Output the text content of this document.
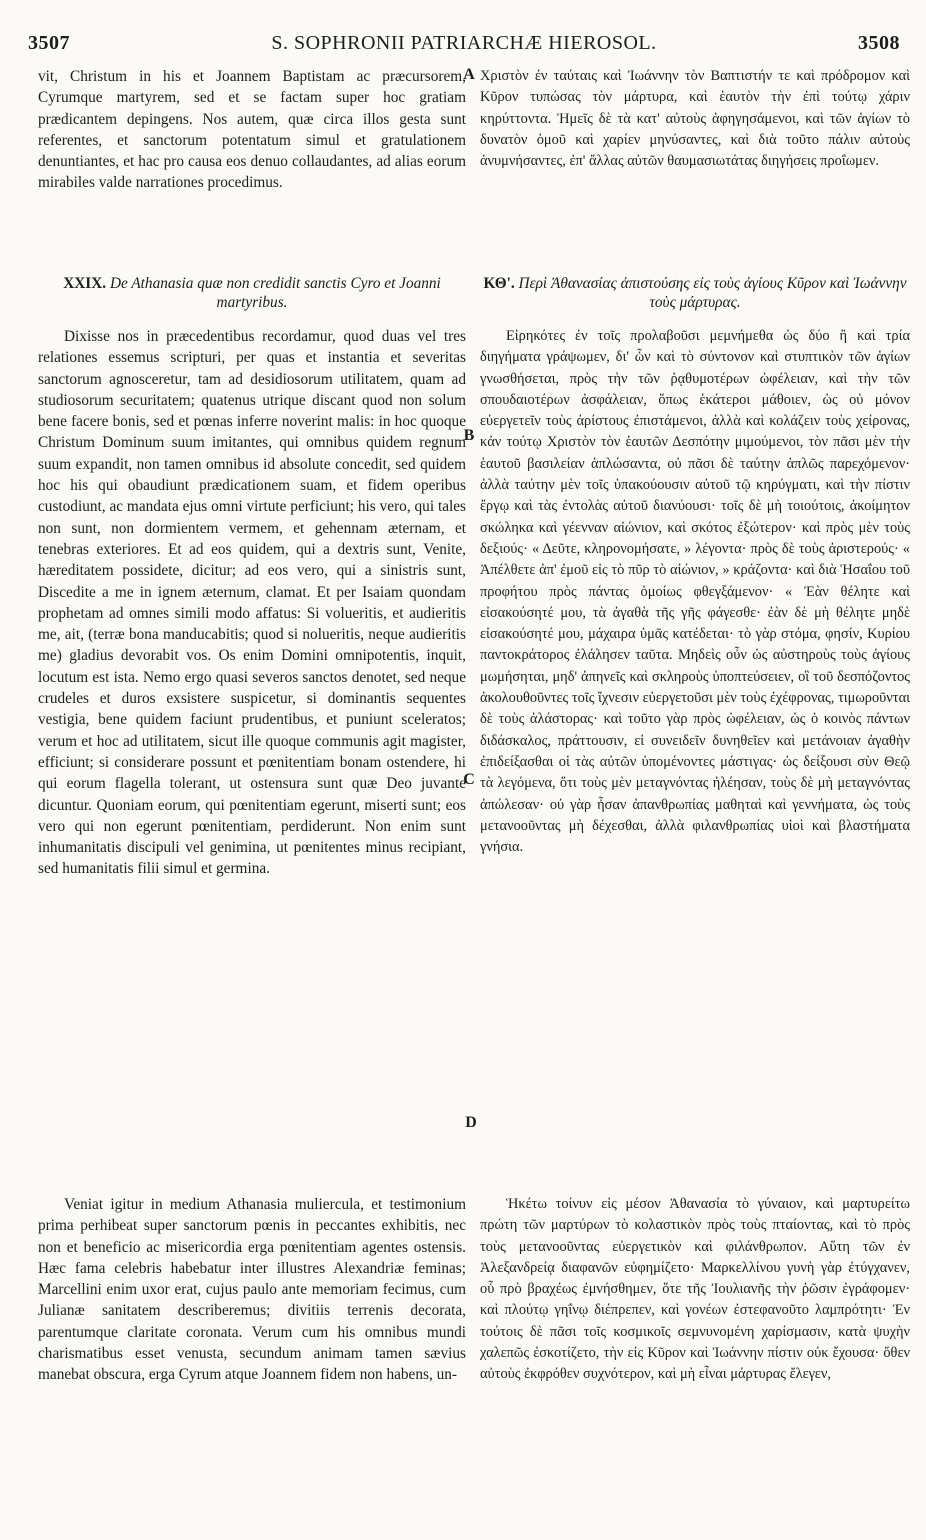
3507	S. SOPHRONII PATRIARCHÆ HIEROSOL.	3508
A
B
C
D

vit, Christum in his et Joannem Baptistam ac præcursorem, Cyrumque martyrem, sed et se factam super hoc gratiam prædicantem depingens. Nos autem, quæ circa illos gesta sunt referentes, et sanctorum potentatum simul et gratulationem denuntiantes, et hac pro causa eos denuo collaudantes, ad alias eorum mirabiles valde narrationes procedimus.

XXIX. De Athanasia quæ non credidit sanctis Cyro et Joanni martyribus.

Dixisse nos in præcedentibus recordamur, quod duas vel tres relationes essemus scripturi, per quas et instantia et severitas sanctorum agnosceretur, tam ad desidiosorum utilitatem, quam ad studiosorum securitatem; quatenus utrique discant quod non solum bene facere bonis, sed et pœnas inferre noverint malis: in hoc quoque Christum Dominum suum imitantes, qui omnibus quidem regnum suum expandit, non tamen omnibus id absolute concedit, sed quidem hoc his qui obaudiunt prædicationem suam, et fidem operibus custodiunt, ac mandata ejus omni virtute perficiunt; his vero, qui tales non sunt, non dormientem vermem, et gehennam æternam, et tenebras exteriores. Et ad eos quidem, qui a dextris sunt, Venite, hæreditatem possidete, dicitur; ad eos vero, qui a sinistris sunt, Discedite a me in ignem æternum, clamat. Et per Isaiam quondam prophetam ad omnes simili modo affatus: Si volueritis, et audieritis me, ait, (terræ bona manducabitis; quod si nolueritis, neque audieritis me) gladius devorabit vos. Os enim Domini omnipotentis, inquit, locutum est ista. Nemo ergo quasi severos sanctos denotet, sed neque crudeles et duros exsistere suspicetur, si dominantis sequentes vestigia, bene quidem faciunt prudentibus, et puniunt sceleratos; verum et hoc ad utilitatem, sicut ille quoque communis agit magister, efficiunt; si considerare possunt et pœnitentiam bonam ostendere, hi qui eorum flagella tolerant, ut ostensura sunt quæ Deo juvante dicuntur. Quoniam eorum, qui pœnitentiam egerunt, miserti sunt; eos vero qui non egerunt pœnitentiam, perdiderunt. Non enim sunt inhumanitatis discipuli vel genimina, ut pœnitentes minus recipiant, sed humanitatis filii simul et germina.

Veniat igitur in medium Athanasia muliercula, et testimonium prima perhibeat super sanctorum pœnis in peccantes exhibitis, nec non et beneficio ac misericordia erga pœnitentiam agentes ostensis. Hæc fama celebris habebatur inter illustres Alexandriæ feminas; Marcellini enim uxor erat, cujus paulo ante memoriam fecimus, cum Julianæ sanitatem describeremus; divitiis terrenis decorata, parentumque claritate coronata. Verum cum his omnibus mundi charismatibus esset venusta, secundum animam tamen sævius manebat obscura, erga Cyrum atque Joannem fidem non habens, un-

Χριστὸν ἐν ταύταις καὶ Ἰωάννην τὸν Βαπτιστήν τε καὶ πρόδρομον καὶ Κῦρον τυπώσας τὸν μάρτυρα, καὶ ἑαυτὸν τὴν ἐπὶ τούτῳ χάριν κηρύττοντα. Ἡμεῖς δὲ τὰ κατ' αὐτοὺς ἀφηγησάμενοι, καὶ τῶν ἁγίων τὸ δυνατὸν ὁμοῦ καὶ χαρίεν μηνύσαντες, καὶ διὰ τοῦτο πάλιν αὐτοὺς ἀνυμνήσαντες, ἐπ' ἄλλας αὐτῶν θαυμασιωτάτας διηγήσεις προΐωμεν.

ΚΘ'. Περὶ Ἀθανασίας ἀπιστούσης εἰς τοὺς ἁγίους Κῦρον καὶ Ἰωάννην τοὺς μάρτυρας.

Εἰρηκότες ἐν τοῖς προλαβοῦσι μεμνήμεθα ὡς δύο ἢ καὶ τρία διηγήματα γράψωμεν, δι' ὧν καὶ τὸ σύντονον καὶ στυπτικὸν τῶν ἁγίων γνωσθήσεται, πρὸς τὴν τῶν ῥᾳθυμοτέρων ὠφέλειαν, καὶ τὴν τῶν σπουδαιοτέρων ἀσφάλειαν, ὅπως ἑκάτεροι μάθοιεν, ὡς οὐ μόνον εὐεργετεῖν τοὺς ἀρίστους ἐπιστάμενοι, ἀλλὰ καὶ κολάζειν τοὺς χείρονας, κἀν τούτῳ Χριστὸν τὸν ἑαυτῶν Δεσπότην μιμούμενοι, τὸν πᾶσι μὲν τὴν ἑαυτοῦ βασιλείαν ἁπλώσαντα, οὐ πᾶσι δὲ ταύτην ἁπλῶς παρεχόμενον· ἀλλὰ ταύτην μὲν τοῖς ὑπακούουσιν αὐτοῦ τῷ κηρύγματι, καὶ τὴν πίστιν ἔργῳ καὶ τὰς ἐντολὰς αὐτοῦ διανύουσι· τοῖς δὲ μὴ τοιούτοις, ἀκοίμητον σκώληκα καὶ γέενναν αἰώνιον, καὶ σκότος ἐξώτερον· καὶ πρὸς μὲν τοὺς δεξιούς· « Δεῦτε, κληρονομήσατε, » λέγοντα· πρὸς δὲ τοὺς ἀριστερούς· « Ἀπέλθετε ἀπ' ἐμοῦ εἰς τὸ πῦρ τὸ αἰώνιον, » κράζοντα· καὶ διὰ Ἡσαΐου τοῦ προφήτου πρὸς πάντας ὁμοίως φθεγξάμενον· « Ἐὰν θέλητε καὶ εἰσακούσητέ μου, τὰ ἀγαθὰ τῆς γῆς φάγεσθε· ἐὰν δὲ μὴ θέλητε μηδὲ εἰσακούσητέ μου, μάχαιρα ὑμᾶς κατέδεται· τὸ γὰρ στόμα, φησίν, Κυρίου παντοκράτορος ἐλάλησεν ταῦτα. Μηδεὶς οὖν ὡς αὐστηροὺς τοὺς ἁγίους μωμήσηται, μηδ' ἀπηνεῖς καὶ σκληροὺς ὑποπτεύσειεν, οἳ τοῦ δεσπόζοντος ἀκολουθοῦντες τοῖς ἴχνεσιν εὐεργετοῦσι μὲν τοὺς ἐχέφρονας, τιμωροῦνται δὲ τοὺς ἀλάστορας· καὶ τοῦτο γὰρ πρὸς ὠφέλειαν, ὡς ὁ κοινὸς πάντων διδάσκαλος, πράττουσιν, εἰ συνειδεῖν δυνηθεῖεν καὶ μετάνοιαν ἀγαθὴν ἐπιδείξασθαι οἱ τὰς αὐτῶν ὑπομένοντες μάστιγας· ὡς δείξουσι σὺν Θεῷ τὰ λεγόμενα, ὅτι τοὺς μὲν μεταγνόντας ἠλέησαν, τοὺς δὲ μὴ μεταγνόντας ἀπώλεσαν· οὐ γὰρ ἦσαν ἀπανθρωπίας μαθηταὶ καὶ γεννήματα, ὡς τοὺς μετανοοῦντας μὴ δέχεσθαι, ἀλλὰ φιλανθρωπίας υἱοὶ καὶ βλαστήματα γνήσια.

Ἡκέτω τοίνυν εἰς μέσον Ἀθανασία τὸ γύναιον, καὶ μαρτυρείτω πρώτη τῶν μαρτύρων τὸ κολαστικὸν πρὸς τοὺς πταίοντας, καὶ τὸ πρὸς τοὺς μετανοοῦντας εὐεργετικὸν καὶ φιλάνθρωπον. Αὕτη τῶν ἐν Ἀλεξανδρείᾳ διαφανῶν εὐφημίζετο· Μαρκελλίνου γυνὴ γὰρ ἐτύγχανεν, οὗ πρὸ βραχέως ἐμνήσθημεν, ὅτε τῆς Ἰουλιανῆς τὴν ῥῶσιν ἐγράφομεν· καὶ πλούτῳ γηΐνῳ διέπρεπεν, καὶ γονέων ἐστεφανοῦτο λαμπρότητι· Ἐν τούτοις δὲ πᾶσι τοῖς κοσμικοῖς σεμνυνομένη χαρίσμασιν, κατὰ ψυχὴν χαλεπῶς ἐσκοτίζετο, τὴν εἰς Κῦρον καὶ Ἰωάννην πίστιν οὐκ ἔχουσα· ὅθεν αὐτοὺς ἐκφρόθεν συχνότερον, καὶ μὴ εἶναι μάρτυρας ἔλεγεν,
